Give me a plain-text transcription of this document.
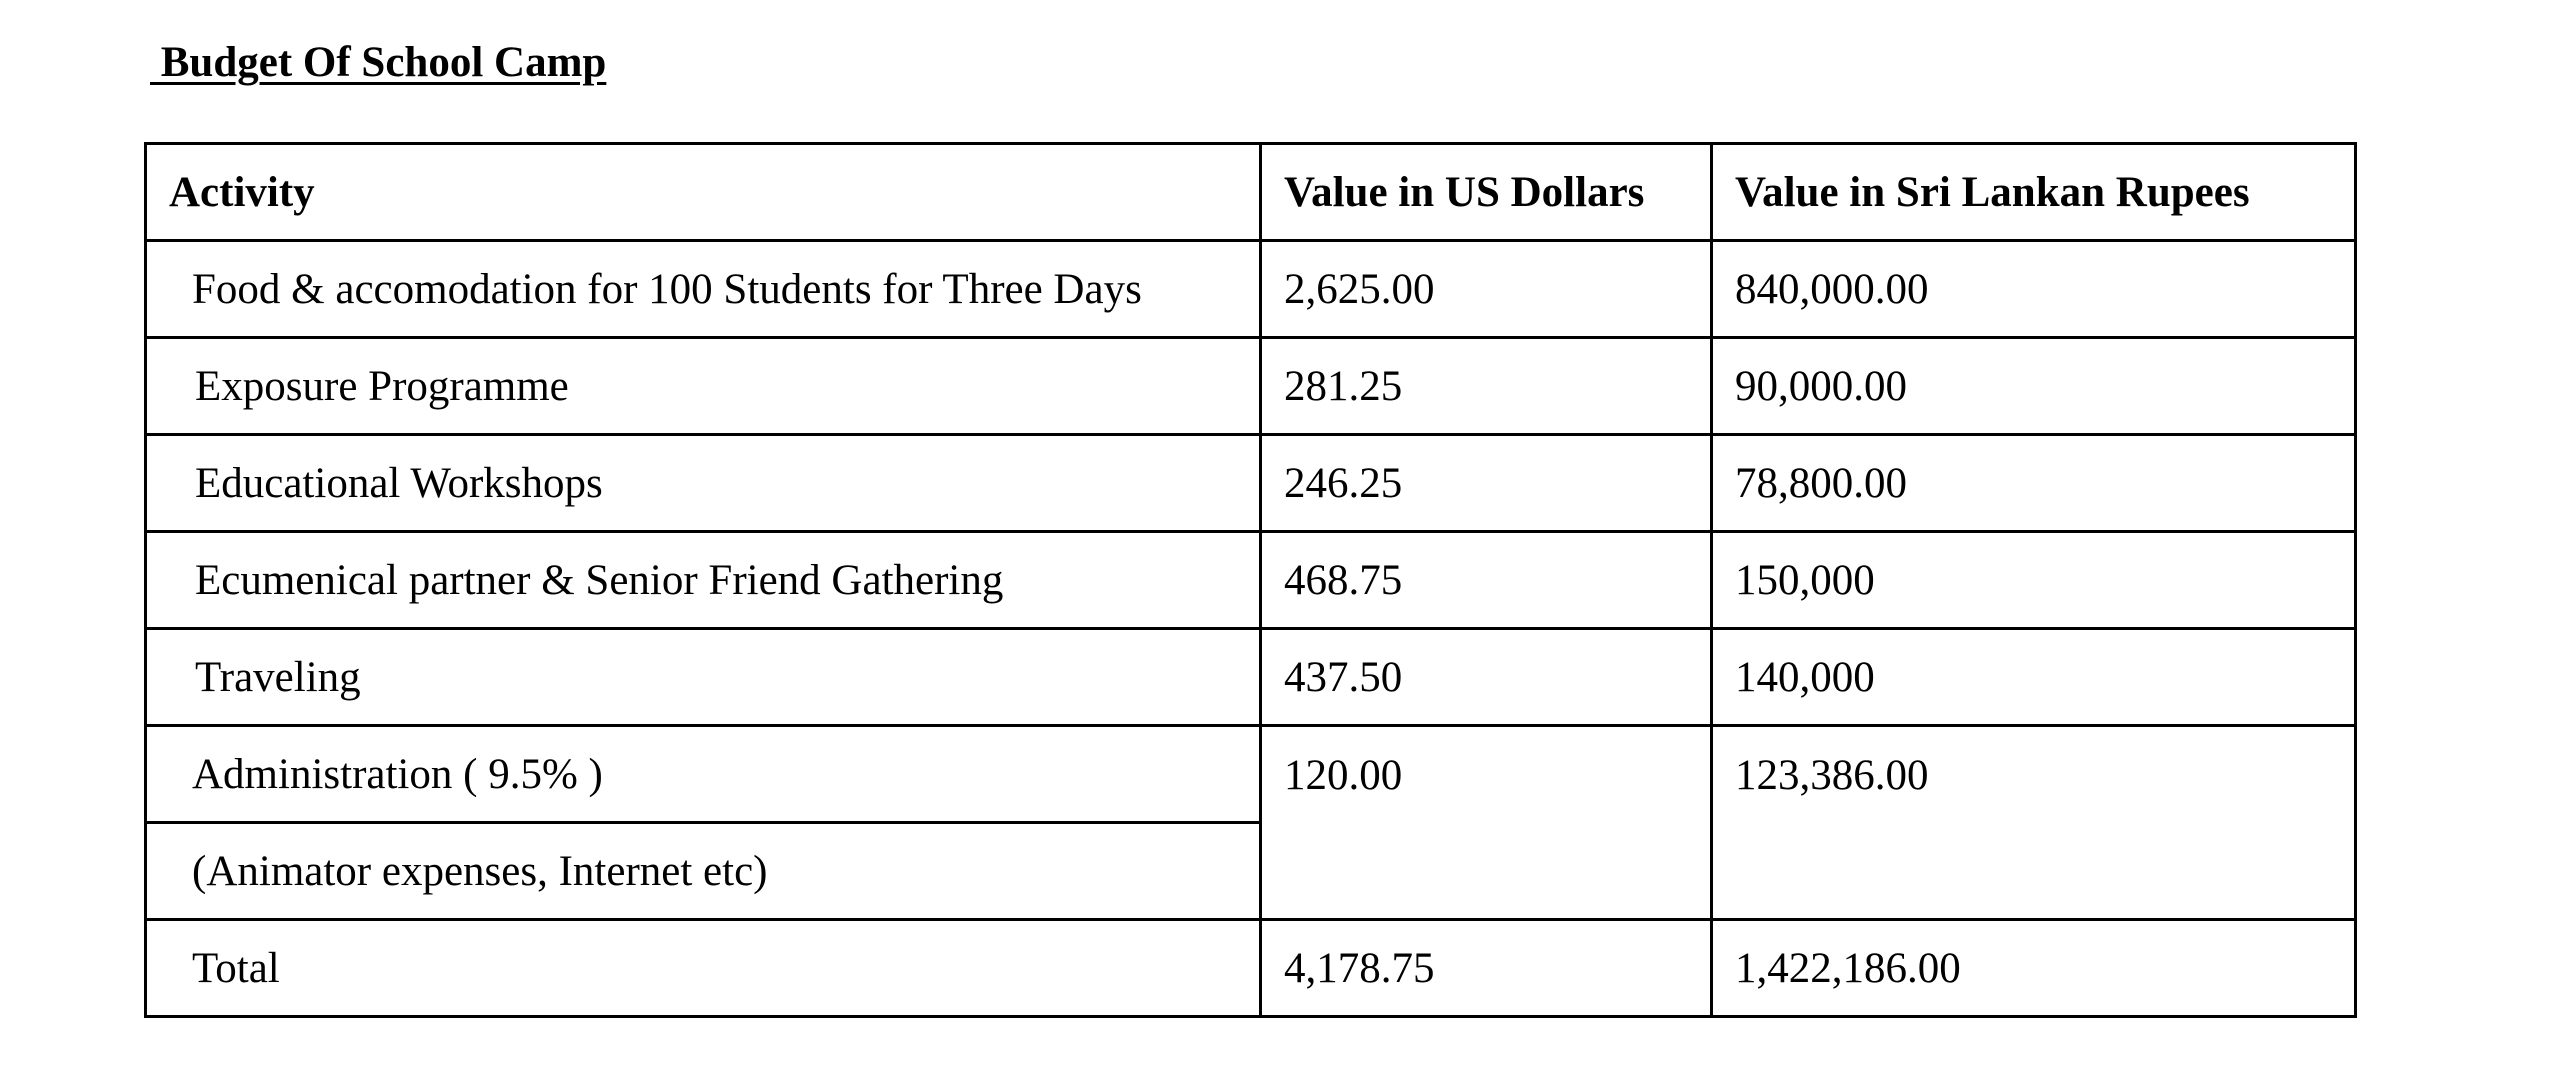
Budget Of School Camp
Activity	Value in US Dollars	Value in Sri Lankan Rupees
Food & accomodation for 100 Students for Three Days	2,625.00	840,000.00
Exposure Programme	281.25	90,000.00
Educational Workshops	246.25	78,800.00
Ecumenical partner & Senior Friend Gathering	468.75	150,000
Traveling	437.50	140,000
Administration ( 9.5% )	120.00	123,386.00
(Animator expenses, Internet etc)		
Total	4,178.75	1,422,186.00
